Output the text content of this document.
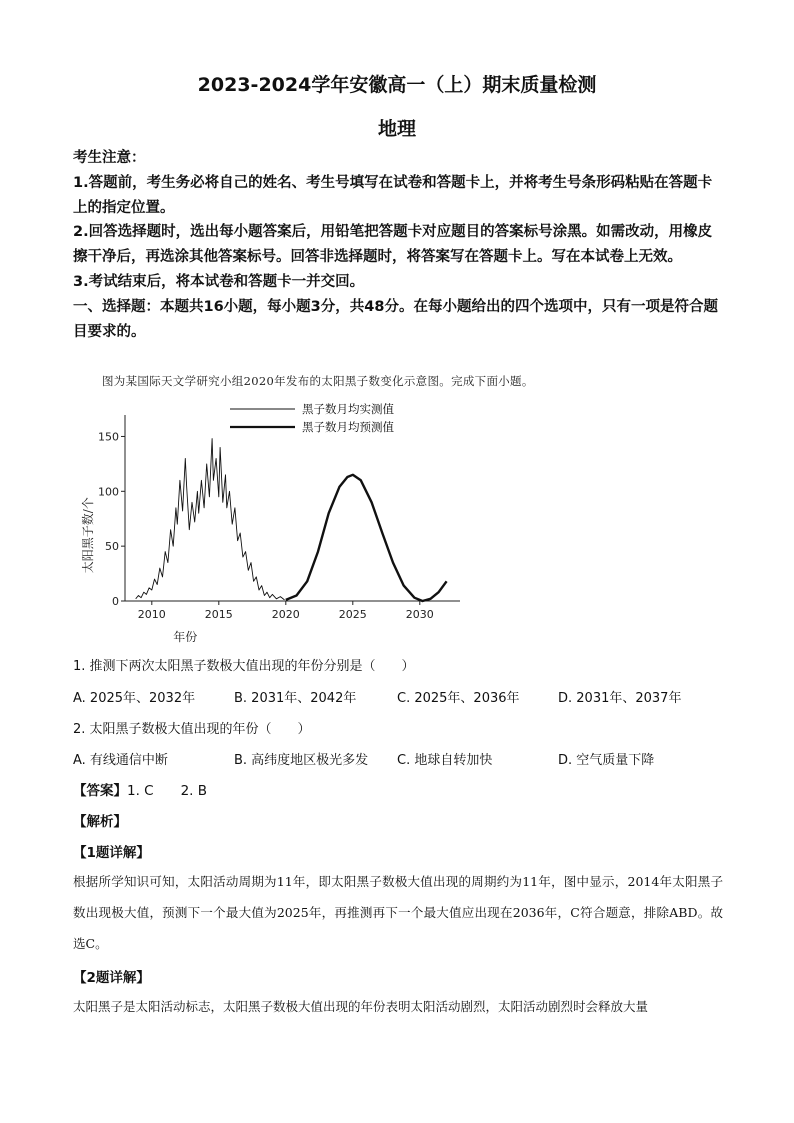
2023-2024学年安徽高一（上）期末质量检测
地理
考生注意：
1.答题前，考生务必将自己的姓名、考生号填写在试卷和答题卡上，并将考生号条形码粘贴在答题卡上的指定位置。
2.回答选择题时，选出每小题答案后，用铅笔把答题卡对应题目的答案标号涂黑。如需改动，用橡皮擦干净后，再选涂其他答案标号。回答非选择题时，将答案写在答题卡上。写在本试卷上无效。
3.考试结束后，将本试卷和答题卡一并交回。
一、选择题：本题共16小题，每小题3分，共48分。在每小题给出的四个选项中，只有一项是符合题目要求的。
图为某国际天文学研究小组2020年发布的太阳黑子数变化示意图。完成下面小题。
0
50
100
150
2010	2015	2020	2025	2030
黑子数月均实测值
黑子数月均预测值
太阳黑子数/个
年份
1. 推测下两次太阳黑子数极大值出现的年份分别是（　　）
A. 2025年、2032年	B. 2031年、2042年	C. 2025年、2036年	D. 2031年、2037年
2. 太阳黑子数极大值出现的年份（　　）
A. 有线通信中断	B. 高纬度地区极光多发 C. 地球自转加快	D. 空气质量下降
【答案】1. C　　2. B
【解析】
【1题详解】
根据所学知识可知，太阳活动周期为11年，即太阳黑子数极大值出现的周期约为11年，图中显示，2014年太阳黑子数出现极大值，预测下一个最大值为2025年，再推测再下一个最大值应出现在2036年，C符合题意，排除ABD。故选C。
【2题详解】
太阳黑子是太阳活动标志，太阳黑子数极大值出现的年份表明太阳活动剧烈，太阳活动剧烈时会释放大量
